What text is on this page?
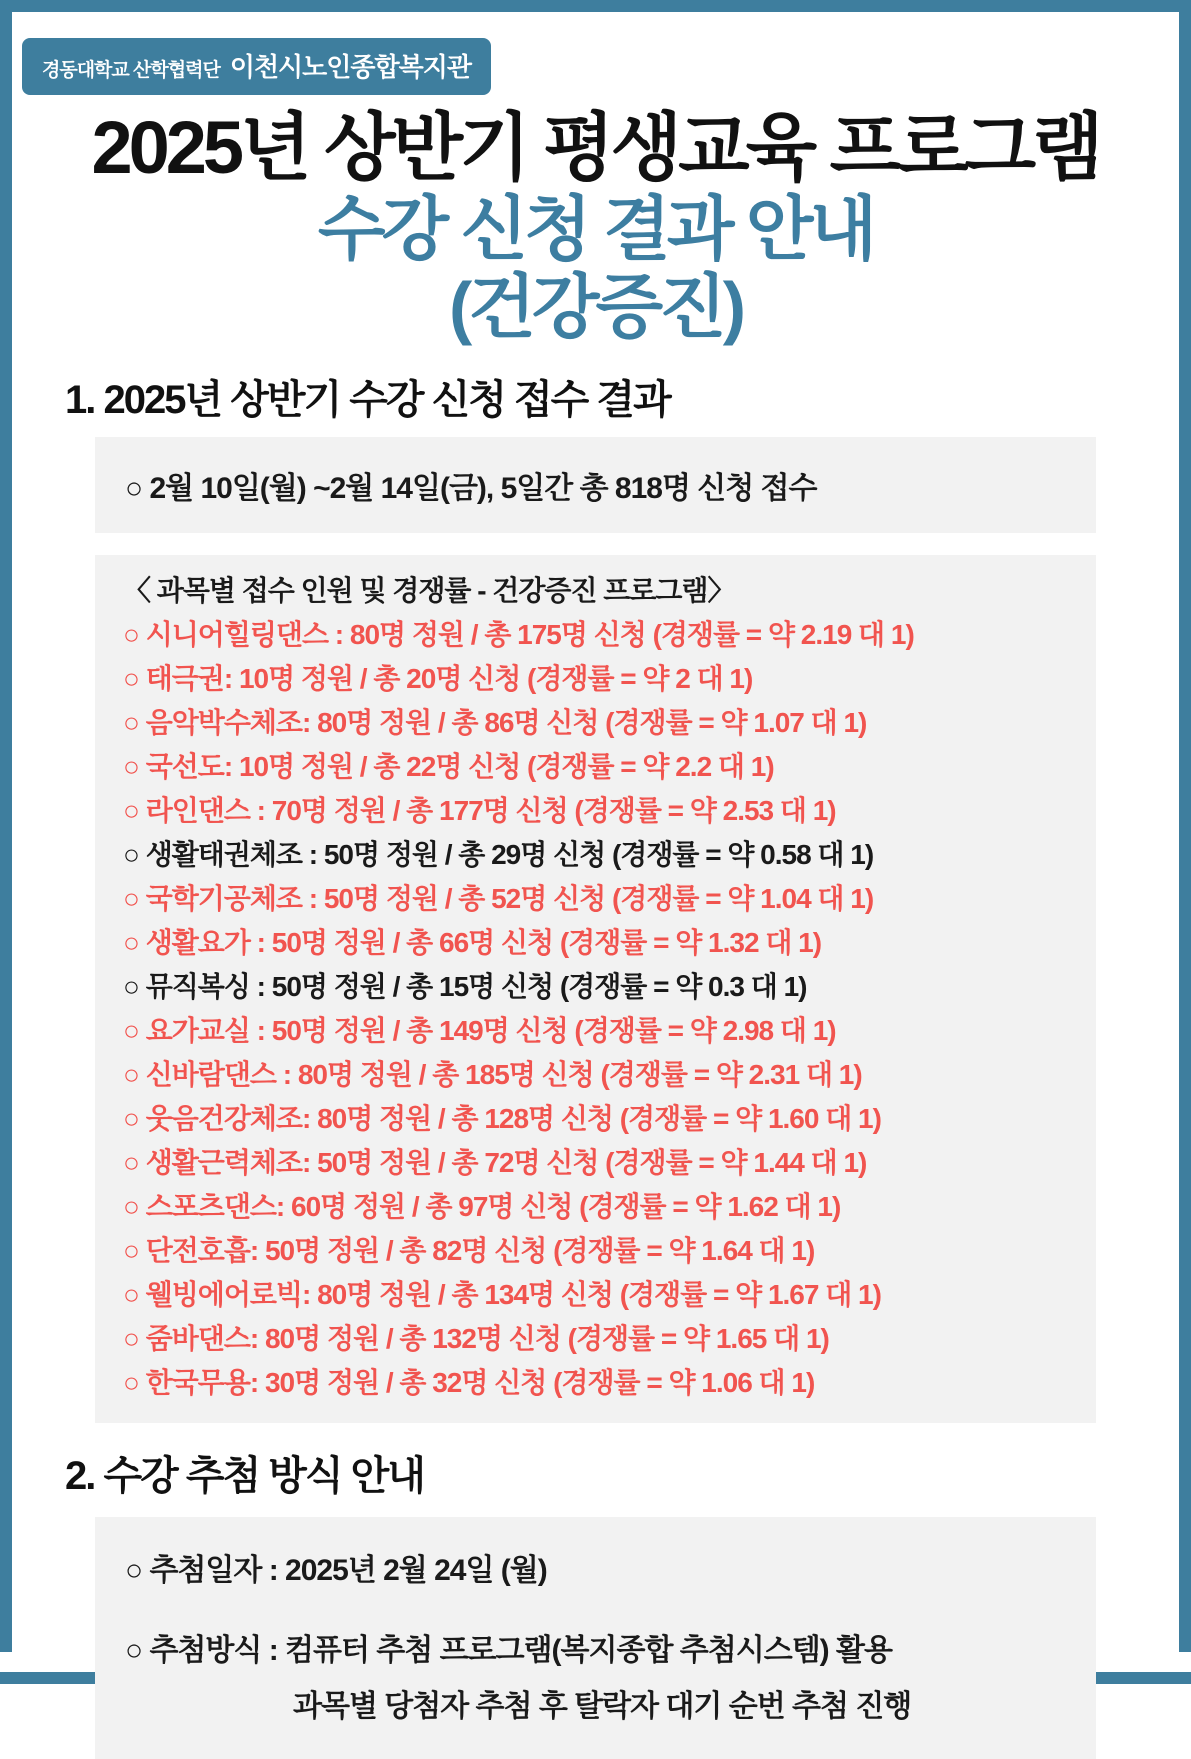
경동대학교 산학협력단 이천시노인종합복지관
2025년 상반기 평생교육 프로그램
수강 신청 결과 안내
(건강증진)
1. 2025년 상반기 수강 신청 접수 결과
○ 2월 10일(월) ~2월 14일(금), 5일간 총 818명 신청 접수
〈 과목별 접수 인원 및 경쟁률 - 건강증진 프로그램〉
○ 시니어힐링댄스 : 80명 정원 / 총 175명 신청 (경쟁률 = 약 2.19 대 1)
○ 태극권: 10명 정원 / 총 20명 신청 (경쟁률 = 약 2 대 1)
○ 음악박수체조: 80명 정원 / 총 86명 신청 (경쟁률 = 약 1.07 대 1)
○ 국선도: 10명 정원 / 총 22명 신청 (경쟁률 = 약 2.2 대 1)
○ 라인댄스 : 70명 정원 / 총 177명 신청 (경쟁률 = 약 2.53 대 1)
○ 생활태권체조 : 50명 정원 / 총 29명 신청 (경쟁률 = 약 0.58 대 1)
○ 국학기공체조 : 50명 정원 / 총 52명 신청 (경쟁률 = 약 1.04 대 1)
○ 생활요가 : 50명 정원 / 총 66명 신청 (경쟁률 = 약 1.32 대 1)
○ 뮤직복싱 : 50명 정원 / 총 15명 신청 (경쟁률 = 약 0.3 대 1)
○ 요가교실 : 50명 정원 / 총 149명 신청 (경쟁률 = 약 2.98 대 1)
○ 신바람댄스 : 80명 정원 / 총 185명 신청 (경쟁률 = 약 2.31 대 1)
○ 웃음건강체조: 80명 정원 / 총 128명 신청 (경쟁률 = 약 1.60 대 1)
○ 생활근력체조: 50명 정원 / 총 72명 신청 (경쟁률 = 약 1.44 대 1)
○ 스포츠댄스: 60명 정원 / 총 97명 신청 (경쟁률 = 약 1.62 대 1)
○ 단전호흡: 50명 정원 / 총 82명 신청 (경쟁률 = 약 1.64 대 1)
○ 웰빙에어로빅: 80명 정원 / 총 134명 신청 (경쟁률 = 약 1.67 대 1)
○ 줌바댄스: 80명 정원 / 총 132명 신청 (경쟁률 = 약 1.65 대 1)
○ 한국무용: 30명 정원 / 총 32명 신청 (경쟁률 = 약 1.06 대 1)
2. 수강 추첨 방식 안내
○ 추첨일자 : 2025년 2월 24일 (월)
○ 추첨방식 : 컴퓨터 추첨 프로그램(복지종합 추첨시스템) 활용
과목별 당첨자 추첨 후 탈락자 대기 순번 추첨 진행
